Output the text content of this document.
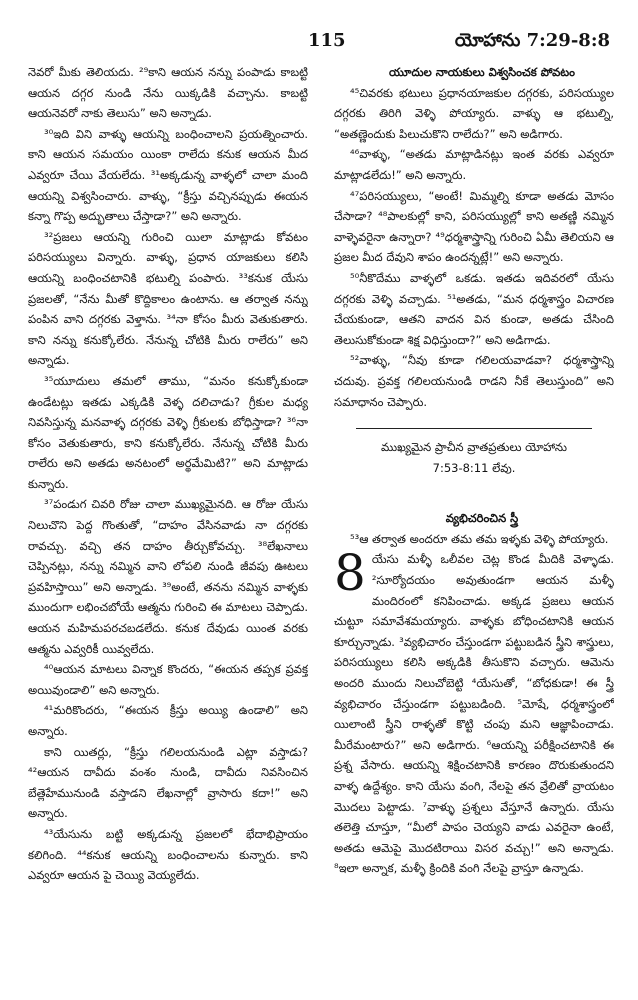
115	యోహాను 7:29-8:8

నెవరో మీకు తెలియదు. ²⁹కాని ఆయన నన్ను పంపాడు కాబట్టి ఆయన దగ్గర నుండి నేను యిక్కడికి వచ్చాను. కాబట్టి ఆయనెవరో నాకు తెలుసు” అని అన్నాడు.

³⁰ఇది విని వాళ్ళు ఆయన్ని బంధించాలని ప్రయత్నించారు. కాని ఆయన సమయం యింకా రాలేదు కనుక ఆయన మీద ఎవ్వరూ చేయి వేయలేదు. ³¹అక్కడున్న వాళ్ళలో చాలా మంది ఆయన్ని విశ్వసించారు. వాళ్ళు, “క్రీస్తు వచ్చినప్పుడు ఈయన కన్నా గొప్ప అద్భుతాలు చేస్తాడా?” అని అన్నారు.

³²ప్రజలు ఆయన్ని గురించి యిలా మాట్లాడు కోవటం పరిసయ్యులు విన్నారు. వాళ్ళు, ప్రధాన యాజకులు కలిసి ఆయన్ని బంధించటానికి భటుల్ని పంపారు. ³³కనుక యేసు ప్రజలతో, “నేను మీతో కొద్దికాలం ఉంటాను. ఆ తర్వాత నన్ను పంపిన వాని దగ్గరకు వెళ్తాను. ³⁴నా కోసం మీరు వెతుకుతారు. కాని నన్ను కనుక్కోలేరు. నేనున్న చోటికి మీరు రాలేరు” అని అన్నాడు.

³⁵యూదులు తమలో తాము, “మనం కనుక్కోకుండా ఉండేటట్లు ఇతడు ఎక్కడికి వెళ్ళ దలిచాడు? గ్రీకుల మధ్య నివసిస్తున్న మనవాళ్ళ దగ్గరకు వెళ్ళి గ్రీకులకు బోధిస్తాడా? ³⁶నా కోసం వెతుకుతారు, కాని కనుక్కోలేరు. నేనున్న చోటికి మీరు రాలేరు అని అతడు అనటంలో అర్థమేమిటి?” అని మాట్లాడు కున్నారు.

³⁷పండుగ చివరి రోజు చాలా ముఖ్యమైనది. ఆ రోజు యేసు నిలుచొని పెద్ద గొంతుతో, “దాహం వేసినవాడు నా దగ్గరకు రావచ్చు. వచ్చి తన దాహం తీర్చుకోవచ్చు. ³⁸లేఖనాలు చెప్పినట్లు, నన్ను నమ్మిన వాని లోపలి నుండి జీవపు ఊటలు ప్రవహిస్తాయి” అని అన్నాడు. ³⁹అంటే, తనను నమ్మిన వాళ్ళకు ముందుగా లభించబోయే ఆత్మను గురించి ఈ మాటలు చెప్పాడు. ఆయన మహిమపరచబడలేదు. కనుక దేవుడు యింత వరకు ఆత్మను ఎవ్వరికీ యివ్వలేదు.

⁴⁰ఆయన మాటలు విన్నాక కొందరు, “ఈయన తప్పక ప్రవక్త అయివుండాలి” అని అన్నారు.

⁴¹మరికొందరు, “ఈయన క్రీస్తు అయ్యి ఉండాలి” అని అన్నారు.

కాని యితర్లు, “క్రీస్తు గలిలయనుండి ఎట్లా వస్తాడు? ⁴²ఆయన దావీదు వంశం నుండి, దావీదు నివసించిన బేత్లెహేమునుండి వస్తాడని లేఖనాల్లో వ్రాసారు కదా!” అని అన్నారు.

⁴³యేసును బట్టి అక్కడున్న ప్రజలలో భేదాభిప్రాయం కలిగింది. ⁴⁴కనుక ఆయన్ని బంధించాలను కున్నారు. కాని ఎవ్వరూ ఆయన పై చెయ్యి వెయ్యలేదు.

యూదుల నాయకులు విశ్వసించక పోవటం

⁴⁵చివరకు భటులు ప్రధానయాజకుల దగ్గరకు, పరిసయ్యుల దగ్గరకు తిరిగి వెళ్ళి పోయ్యారు. వాళ్ళు ఆ భటుల్ని, “అతణ్ణెందుకు పిలుచుకొని రాలేదు?” అని అడిగారు.

⁴⁶వాళ్ళు, “అతడు మాట్లాడినట్లు ఇంత వరకు ఎవ్వరూ మాట్లాడలేదు!” అని అన్నారు.

⁴⁷పరిసయ్యులు, “అంటే! మిమ్మల్ని కూడా అతడు మోసం చేసాడా? ⁴⁸పాలకుల్లో కాని, పరిసయ్యుల్లో కాని అతణ్ణి నమ్మిన వాళ్ళెవరైనా ఉన్నారా? ⁴⁹ధర్మశాస్త్రాన్ని గురించి ఏమీ తెలియని ఆ ప్రజల మీద దేవుని శాపం ఉందన్నట్లే!” అని అన్నారు.

⁵⁰నీకొదేము వాళ్ళలో ఒకడు. ఇతడు ఇదివరలో యేసు దగ్గరకు వెళ్ళి వచ్చాడు. ⁵¹అతడు, “మన ధర్మశాస్త్రం విచారణ చేయకుండా, ఆతని వాదన విన కుండా, అతడు చేసింది తెలుసుకోకుండా శిక్ష విధిస్తుందా?” అని అడిగాడు.

⁵²వాళ్ళు, “నీవు కూడా గలిలయవాడవా? ధర్మశాస్త్రాన్ని చదువు. ప్రవక్త గలిలయనుండి రాడని నీకే తెలుస్తుంది” అని సమాధానం చెప్పారు.

ముఖ్యమైన ప్రాచీన వ్రాతప్రతులు యోహాను

7:53-8:11 లేవు.

వ్యభిచరించిన స్త్రీ

⁵³ఆ తర్వాత అందరూ తమ తమ ఇళ్ళకు వెళ్ళి పోయ్యారు.

8 యేసు మళ్ళీ ఒలీవల చెట్ల కొండ మీదికి వెళ్ళాడు. ²సూర్యోదయం అవుతుండగా ఆయన మళ్ళీ మందిరంలో కనిపించాడు. అక్కడ ప్రజలు ఆయన చుట్టూ సమావేశమయ్యారు. వాళ్ళకు బోధించటానికి ఆయన కూర్చున్నాడు. ³వ్యభిచారం చేస్తుండగా పట్టుబడిన స్త్రీని శాస్త్రులు, పరిసయ్యులు కలిసి అక్కడికి తీసుకొని వచ్చారు. ఆమెను అందరి ముందు నిలుచోబెట్టి ⁴యేసుతో, “బోధకుడా! ఈ స్త్రీ వ్యభిచారం చేస్తుండగా పట్టుబడింది. ⁵మోషే, ధర్మశాస్త్రంలో యిలాంటి స్త్రీని రాళ్ళతో కొట్టి చంపు మని ఆజ్ఞాపించాడు. మీరేమంటారు?” అని అడిగారు. ⁶ఆయన్ని పరీక్షించటానికి ఈ ప్రశ్న వేసారు. ఆయన్ని శిక్షించటానికి కారణం దొరుకుతుందని వాళ్ళ ఉద్దేశ్యం. కాని యేసు వంగి, నేలపై తన వ్రేలితో వ్రాయటం మొదలు పెట్టాడు. ⁷వాళ్ళు ప్రశ్నలు వేస్తూనే ఉన్నారు. యేసు తలెత్తి చూస్తూ, “మీలో పాపం చెయ్యని వాడు ఎవరైనా ఉంటే, అతడు ఆమెపై మొదటిరాయి విసర వచ్చు!” అని అన్నాడు. ⁸ఇలా అన్నాక, మళ్ళీ క్రిందికి వంగి నేలపై వ్రాస్తూ ఉన్నాడు.
